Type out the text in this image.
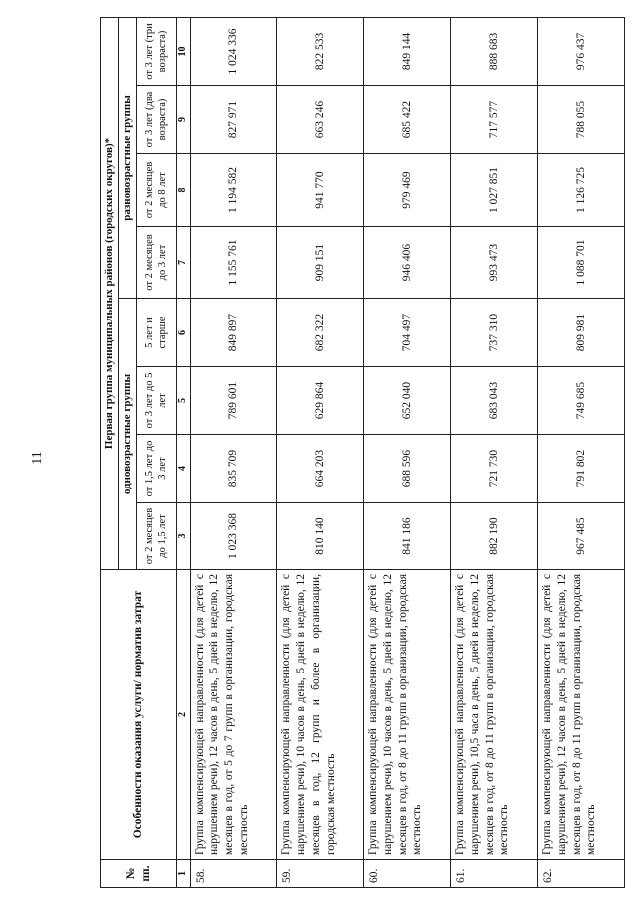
11
№ пп.	Особенности оказания услуги/ норматив затрат	Первая группа муниципальных районов (городских округов)*							
		одновозрастные группы				разновозрастные группы			
		от 2 месяцев до 1,5 лет	от 1,5 лет до 3 лет	от 3 лет до 5 лет	5 лет и старше	от 2 месяцев до 3 лет	от 2 месяцев до 8 лет	от 3 лет (два возраста)	от 3 лет (три возраста)
1	2	3	4	5	6	7	8	9	10
58.	Группа компенсирующей направленности (для детей с нарушением речи), 12 часов в день, 5 дней в неделю, 12 месяцев в год, от 5 до 7 групп в организации, городская местность	1 023 368	835 709	789 601	849 897	1 155 761	1 194 582	827 971	1 024 336
59.	Группа компенсирующей направленности (для детей с нарушением речи), 10 часов в день, 5 дней в неделю, 12 месяцев в год, 12 групп и более в организации, городская местность	810 140	664 203	629 864	682 322	909 151	941 770	663 246	822 533
60.	Группа компенсирующей направленности (для детей с нарушением речи), 10 часов в день, 5 дней в неделю, 12 месяцев в год, от 8 до 11 групп в организации, городская местность	841 186	688 596	652 040	704 497	946 406	979 469	685 422	849 144
61.	Группа компенсирующей направленности (для детей с нарушением речи), 10,5 часа в день, 5 дней в неделю, 12 месяцев в год, от 8 до 11 групп в организации, городская местность	882 190	721 730	683 043	737 310	993 473	1 027 851	717 577	888 683
62.	Группа компенсирующей направленности (для детей с нарушением речи), 12 часов в день, 5 дней в неделю, 12 месяцев в год, от 8 до 11 групп в организации, городская местность	967 485	791 802	749 685	809 981	1 088 701	1 126 725	788 055	976 437
